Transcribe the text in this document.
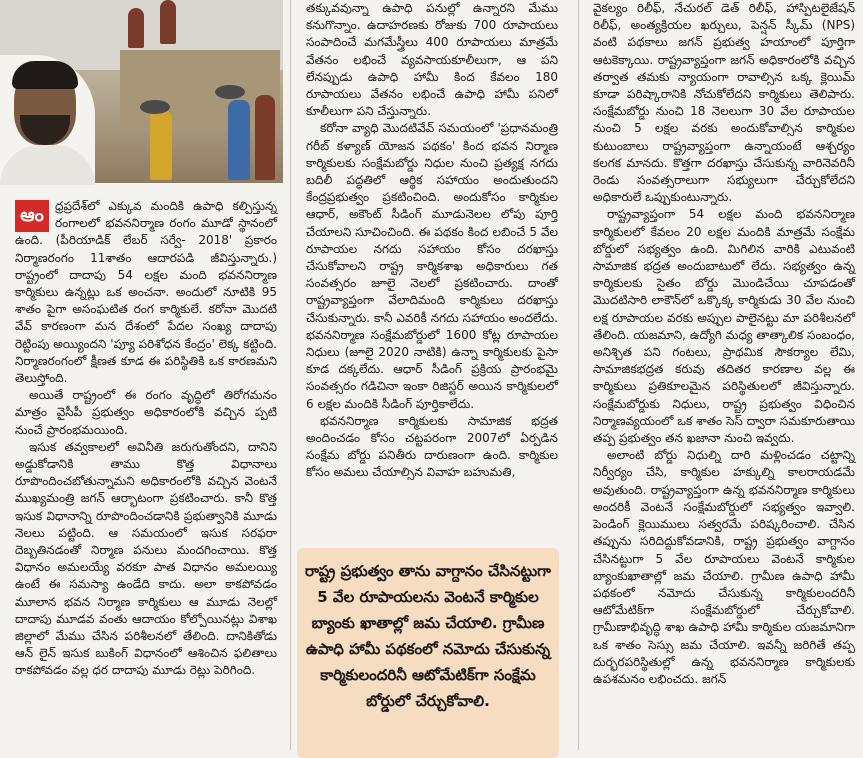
ఆం ధ్రప్రదేశ్‌లో ఎక్కువ మందికి ఉపాధి కల్పిస్తున్న రంగాలలో భవననిర్మాణ రంగం మూడో స్థానంలో ఉంది. (పీరియాడిక్ లేబర్ సర్వే- 2018' ప్రకారం నిర్మాణరంగం 11శాతం ఆదారపడి జీవిస్తున్నారు.) రాష్ట్రంలో దాదాపు 54 లక్షల మంది భవననిర్మాణ కార్మికులు ఉన్నట్లు ఒక అంచనా. అందులో నూటికి 95 శాతం పైగా అసంఘటిత రంగ కార్మికులే. కరోనా మొదటి వేవ్ కారణంగా మన దేశంలో పేదల సంఖ్య దాదాపు రెట్టింపు అయ్యిందని 'ప్యూ పరిశోధన కేంద్రం' లెక్క కట్టింది. నిర్మాణరంగంలో క్షీణత కూడ ఈ పరిస్థితికి ఒక కారణమని తెలుస్తోంది.

అయితే రాష్ట్రంలో ఈ రంగం వృద్ధిలో తిరోగమనం మాత్రం వైసీపీ ప్రభుత్వం అధికారంలోకి వచ్చిన ప్పటి నుంచే ప్రారంభమయింది.

ఇసుక తవ్వకాలలో అవినీతి జరుగుతోందని, దానిని అడ్డుకోడానికి తాము కొత్త విధానాలు రూపొందించబోతున్నామని అధికారంలోకి వచ్చిన వెంటనే ముఖ్యమంత్రి జగన్ ఆర్భాటంగా ప్రకటించారు. కానీ కొత్త ఇసుక విధానాన్ని రూపొందించడానికి ప్రభుత్వానికి మూడు నెలలు పట్టింది. ఆ సమయంలో ఇసుక సరఫరా దెబ్బతినడంతో నిర్మాణ పనులు మందగించాయి. కొత్త విధానం అమలయ్యే వరకూ పాత విధానం అమలయ్యి ఉంటే ఈ సమస్యా ఉండేది కాదు. అలా కాకపోవడం మూలాన భవన నిర్మాణ కార్మికులు ఆ మూడు నెలల్లో దాదాపు మూడవ వంతు ఆదాయం కోల్పోయినట్లు విశాఖ జిల్లాలో మేము చేసిన పరిశీలనలో తేలింది. దానికితోడు ఆన్ లైన్ ఇసుక బుకింగ్ విధానంలో ఆశించిన ఫలితాలు రాకపోవడం వల్ల ధర దాదాపు మూడు రెట్లు పెరిగింది.

తక్కువవున్నా ఉపాధి పనుల్లో ఉన్నారని మేము కనుగొన్నాం. ఉదాహరణకు రోజుకు 700 రూపాయలు సంపాదించే మగమేస్త్రీలు 400 రూపాయలు మాత్రమే వేతనం లభించే వ్యవసాయకూలీలుగా, ఆ పని లేనప్పుడు ఉపాధి హామీ కింద కేవలం 180 రూపాయలు వేతనం లభించే ఉపాధి హామీ పనిలో కూలీలుగా పని చేస్తున్నారు.

కరోనా వ్యాధి మొదటివేవ్ సమయంలో 'ప్రధానమంత్రి గరీబ్ కళ్యాణ్ యోజన పథకం' కింద భవన నిర్మాణ కార్మికులకు సంక్షేమబోర్డు నిధుల నుంచి ప్రత్యక్ష నగదు బదిలీ పద్ధతిలో ఆర్థిక సహాయం అందుతుందని కేంద్రప్రభుత్వం ప్రకటించింది. అందుకోసం కార్మికుల ఆధార్, అకౌంట్ సీడింగ్ మూడునెలల లోపు పూర్తి చేయాలని సూచించింది. ఈ పథకం కింద లబించే 5 వేల రూపాయల నగదు సహాయం కోసం దరఖాస్తు చేసుకోవాలని రాష్ట్ర కార్మికశాఖ అధికారులు గత సంవత్సరం జూలై నెలలో ప్రకటించారు. దాంతో రాష్ట్రవ్యాప్తంగా వేలాదిమంది కార్మికులు దరఖాస్తు చేసుకున్నారు. కానీ ఎవరికీ నగదు సహాయం అందలేదు. భవననిర్మాణ సంక్షేమబోర్డులో 1600 కోట్ల రూపాయల నిధులు (జూలై 2020 నాటికి) ఉన్నా కార్మికులకు పైసా కూడ దక్కలేదు. ఆధార్ సీడింగ్ ప్రక్రియ ప్రారంభమై సంవత్సరం గడిచినా ఇంకా రిజిస్టర్ అయిన కార్మికులలో 6 లక్షల మందికి సీడింగ్ పూర్తికాలేదు.

భవననిర్మాణ కార్మికులకు సామాజిక భద్రత అందించడం కోసం చట్టపరంగా 2007లో ఏర్పడిన సంక్షేమ బోర్డు పనితీరు దారుణంగా ఉంది. కార్మికుల కోసం అమలు చేయాల్సిన వివాహ బహుమతి,

వైకల్యం రిలీఫ్, నేచురల్ డెత్ రిలీఫ్, హాస్పిటలైజేషన్ రిలీఫ్, అంత్యక్రియల ఖర్చులు, పెన్షన్ స్కీమ్ (NPS) వంటి పథకాలు జగన్ ప్రభుత్వ హయాంలో పూర్తిగా ఆటకెక్కాయి. రాష్ట్రవ్యాప్తంగా జగన్ అధికారంలోకి వచ్చిన తర్వాత తమకు న్యాయంగా రావాల్సిన ఒక్క క్లెయిమ్ కూడా పరిష్కారానికి నోచుకోలేదని కార్మికులు తెలిపారు. సంక్షేమబోర్డు నుంచి 18 నెలలుగా 30 వేల రూపాయల నుంచి 5 లక్షల వరకు అందుకోవాల్సిన కార్మికుల కుటుంబాలు రాష్ట్రవ్యాప్తంగా ఉన్నాయంటే ఆశ్చర్యం కలగక మానదు. కొత్తగా దరఖాస్తు చేసుకున్న వారినెవరినీ రెండు సంవత్సరాలుగా సభ్యులుగా చేర్చుకోలేదని అధికారులే ఒప్పుకుంటున్నారు.

రాష్ట్రవ్యాప్తంగా 54 లక్షల మంది భవననిర్మాణ కార్మికులలో కేవలం 20 లక్షల మందికి మాత్రమే సంక్షేమ బోర్డులో సభ్యత్వం ఉంది. మిగిలిన వారికి ఎటువంటి సామాజిక భద్రత అందుబాటులో లేదు. సభ్యత్వం ఉన్న కార్మికులకు సైతం బోర్డు మొండిచేయి చూపడంతో మొదటిసారి లాకౌన్‌లో ఒక్కొక్క కార్మికుడు 30 వేల నుంచి లక్ష రూపాయల వరకు అప్పుల పాలైనట్టు మా పరిశీలనలో తేలింది. యజమాని, ఉద్యోగి మధ్య తాత్కాలిక సంబంధం, అనిశ్చిత పని గంటలు, ప్రాథమిక సౌకర్యాల లేమి, సామాజికభద్రత కరువు తదితర కారణాల వల్ల ఈ కార్మికులు ప్రతికూలమైన పరిస్థితులలో జీవిస్తున్నారు. సంక్షేమబోర్డుకు నిధులు, రాష్ట్ర ప్రభుత్వం విధించిన నిర్మాణవ్యయంలో ఒక శాతం సెస్ ద్వారా సమకూరుతాయి తప్ప ప్రభుత్వం తన ఖజానా నుంచి ఇవ్వదు.

అలాంటి బోర్డు నిధుల్ని దారి మళ్లించడం చట్టాన్ని నిర్వీర్యం చేసి, కార్మికుల హక్కుల్ని కాలరాయడమే అవుతుంది. రాష్ట్రవ్యాప్తంగా ఉన్న భవననిర్మాణ కార్మికులు అందరికీ వెంటనే సంక్షేమబోర్డులో సభ్యత్వం ఇవ్వాలి. పెండింగ్ క్లెయిములు సత్వరమే పరిష్కరించాలి. చేసిన తప్పును సరిదిద్దుకోవడానికి, రాష్ట్ర ప్రభుత్వం వాగ్దానం చేసినట్టుగా 5 వేల రూపాయలు వెంటనే కార్మికుల బ్యాంకుఖాతాల్లో జమ చేయాలి. గ్రామీణ ఉపాధి హామీ పథకంలో నమోదు చేసుకున్న కార్మికులందరినీ ఆటోమేటిక్‌గా సంక్షేమబోర్డులో చేర్చుకోవాలి. గ్రామీణాభివృద్ధి శాఖ ఉపాధి హామీ కార్మికుల యజమానిగా ఒక శాతం సెస్సు జమ చేయాలి. ఇవన్నీ జరిగితే తప్ప దుర్భరపరిస్థితుల్లో ఉన్న భవననిర్మాణ కార్మికులకు ఉపశమనం లభించదు. జగన్

రాష్ట్ర ప్రభుత్వం తాను వాగ్దానం చేసినట్టుగా 5 వేల రూపాయలను వెంటనే కార్మికుల బ్యాంకు ఖాతాల్లో జమ చేయాలి. గ్రామీణ ఉపాధి హామీ పథకంలో నమోదు చేసుకున్న కార్మికులందరినీ ఆటోమేటిక్‌గా సంక్షేమ బోర్డులో చేర్చుకోవాలి.
